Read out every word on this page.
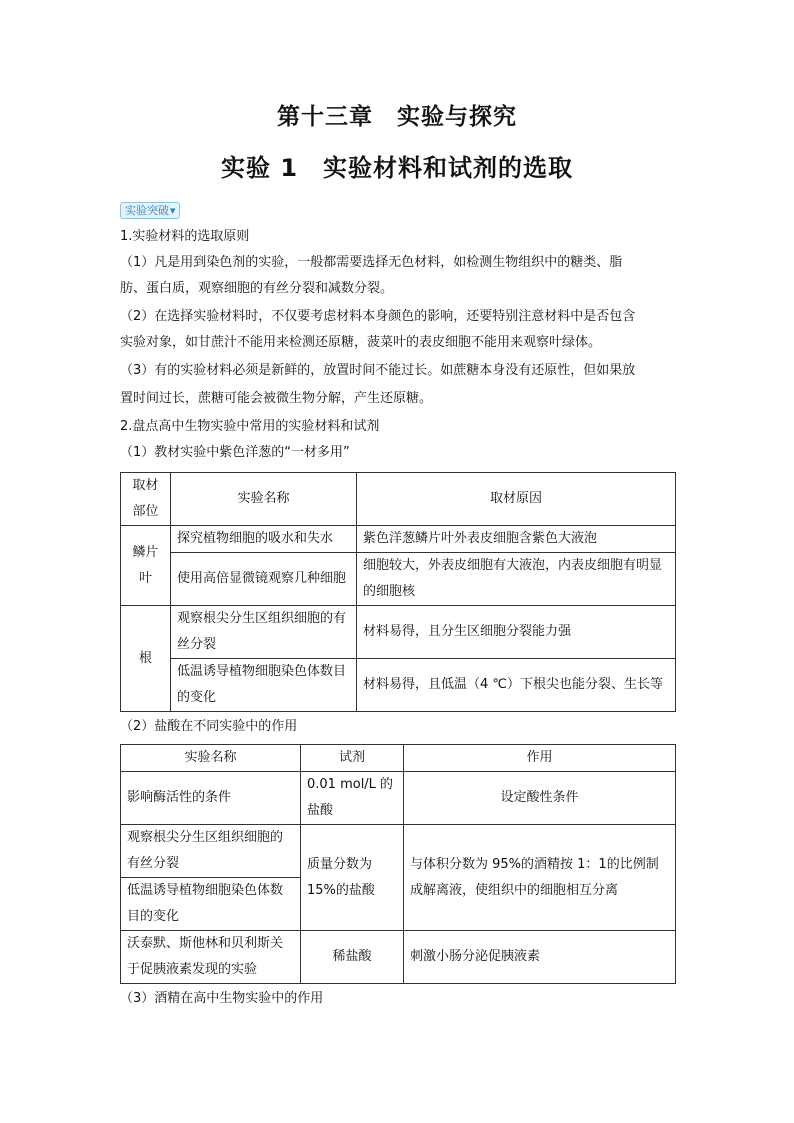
第十三章　实验与探究
实验 1　实验材料和试剂的选取
实验突破▼
1.实验材料的选取原则
（1）凡是用到染色剂的实验，一般都需要选择无色材料，如检测生物组织中的糖类、脂
肪、蛋白质，观察细胞的有丝分裂和减数分裂。
（2）在选择实验材料时，不仅要考虑材料本身颜色的影响，还要特别注意材料中是否包含
实验对象，如甘蔗汁不能用来检测还原糖，菠菜叶的表皮细胞不能用来观察叶绿体。
（3）有的实验材料必须是新鲜的，放置时间不能过长。如蔗糖本身没有还原性，但如果放
置时间过长，蔗糖可能会被微生物分解，产生还原糖。
2.盘点高中生物实验中常用的实验材料和试剂
（1）教材实验中紫色洋葱的“一材多用”
取材部位	实验名称	取材原因
鳞片叶	探究植物细胞的吸水和失水	紫色洋葱鳞片叶外表皮细胞含紫色大液泡
	使用高倍显微镜观察几种细胞	细胞较大，外表皮细胞有大液泡，内表皮细胞有明显的细胞核
根	观察根尖分生区组织细胞的有丝分裂	材料易得，且分生区细胞分裂能力强
	低温诱导植物细胞染色体数目的变化	材料易得，且低温（4 ℃）下根尖也能分裂、生长等
（2）盐酸在不同实验中的作用
实验名称	试剂	作用
影响酶活性的条件	0.01 mol/L 的盐酸	设定酸性条件
观察根尖分生区组织细胞的有丝分裂	质量分数为15%的盐酸	与体积分数为 95%的酒精按 1：1的比例制成解离液，使组织中的细胞相互分离
低温诱导植物细胞染色体数目的变化		
沃泰默、斯他林和贝利斯关于促胰液素发现的实验	稀盐酸	刺激小肠分泌促胰液素
（3）酒精在高中生物实验中的作用
